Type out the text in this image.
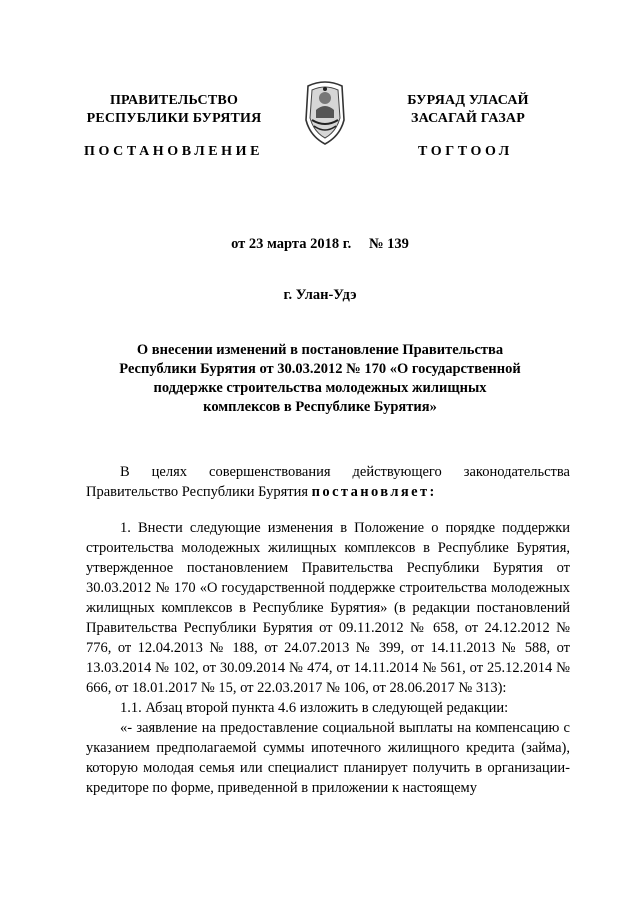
ПРАВИТЕЛЬСТВО
РЕСПУБЛИКИ БУРЯТИЯ
БУРЯАД УЛАСАЙ
ЗАСАГАЙ ГАЗАР
ПОСТАНОВЛЕНИЕ	ТОГТООЛ
от 23 марта 2018 г. № 139
г. Улан-Удэ
О внесении изменений в постановление Правительства
Республики Бурятия от 30.03.2012 № 170 «О государственной
поддержке строительства молодежных жилищных
комплексов в Республике Бурятия»

В целях совершенствования действующего законодательства Правительство Республики Бурятия постановляет:

1. Внести следующие изменения в Положение о порядке поддержки строительства молодежных жилищных комплексов в Республике Бурятия, утвержденное постановлением Правительства Республики Бурятия от 30.03.2012 № 170 «О государственной поддержке строительства молодежных жилищных комплексов в Республике Бурятия» (в редакции постановлений Правительства Республики Бурятия от 09.11.2012 № 658, от 24.12.2012 № 776, от 12.04.2013 № 188, от 24.07.2013 № 399, от 14.11.2013 № 588, от 13.03.2014 № 102, от 30.09.2014 № 474, от 14.11.2014 № 561, от 25.12.2014 № 666, от 18.01.2017 № 15, от 22.03.2017 № 106, от 28.06.2017 № 313):

1.1. Абзац второй пункта 4.6 изложить в следующей редакции:

«- заявление на предоставление социальной выплаты на компенсацию с указанием предполагаемой суммы ипотечного жилищного кредита (займа), которую молодая семья или специалист планирует получить в организации-кредиторе по форме, приведенной в приложении к настоящему
